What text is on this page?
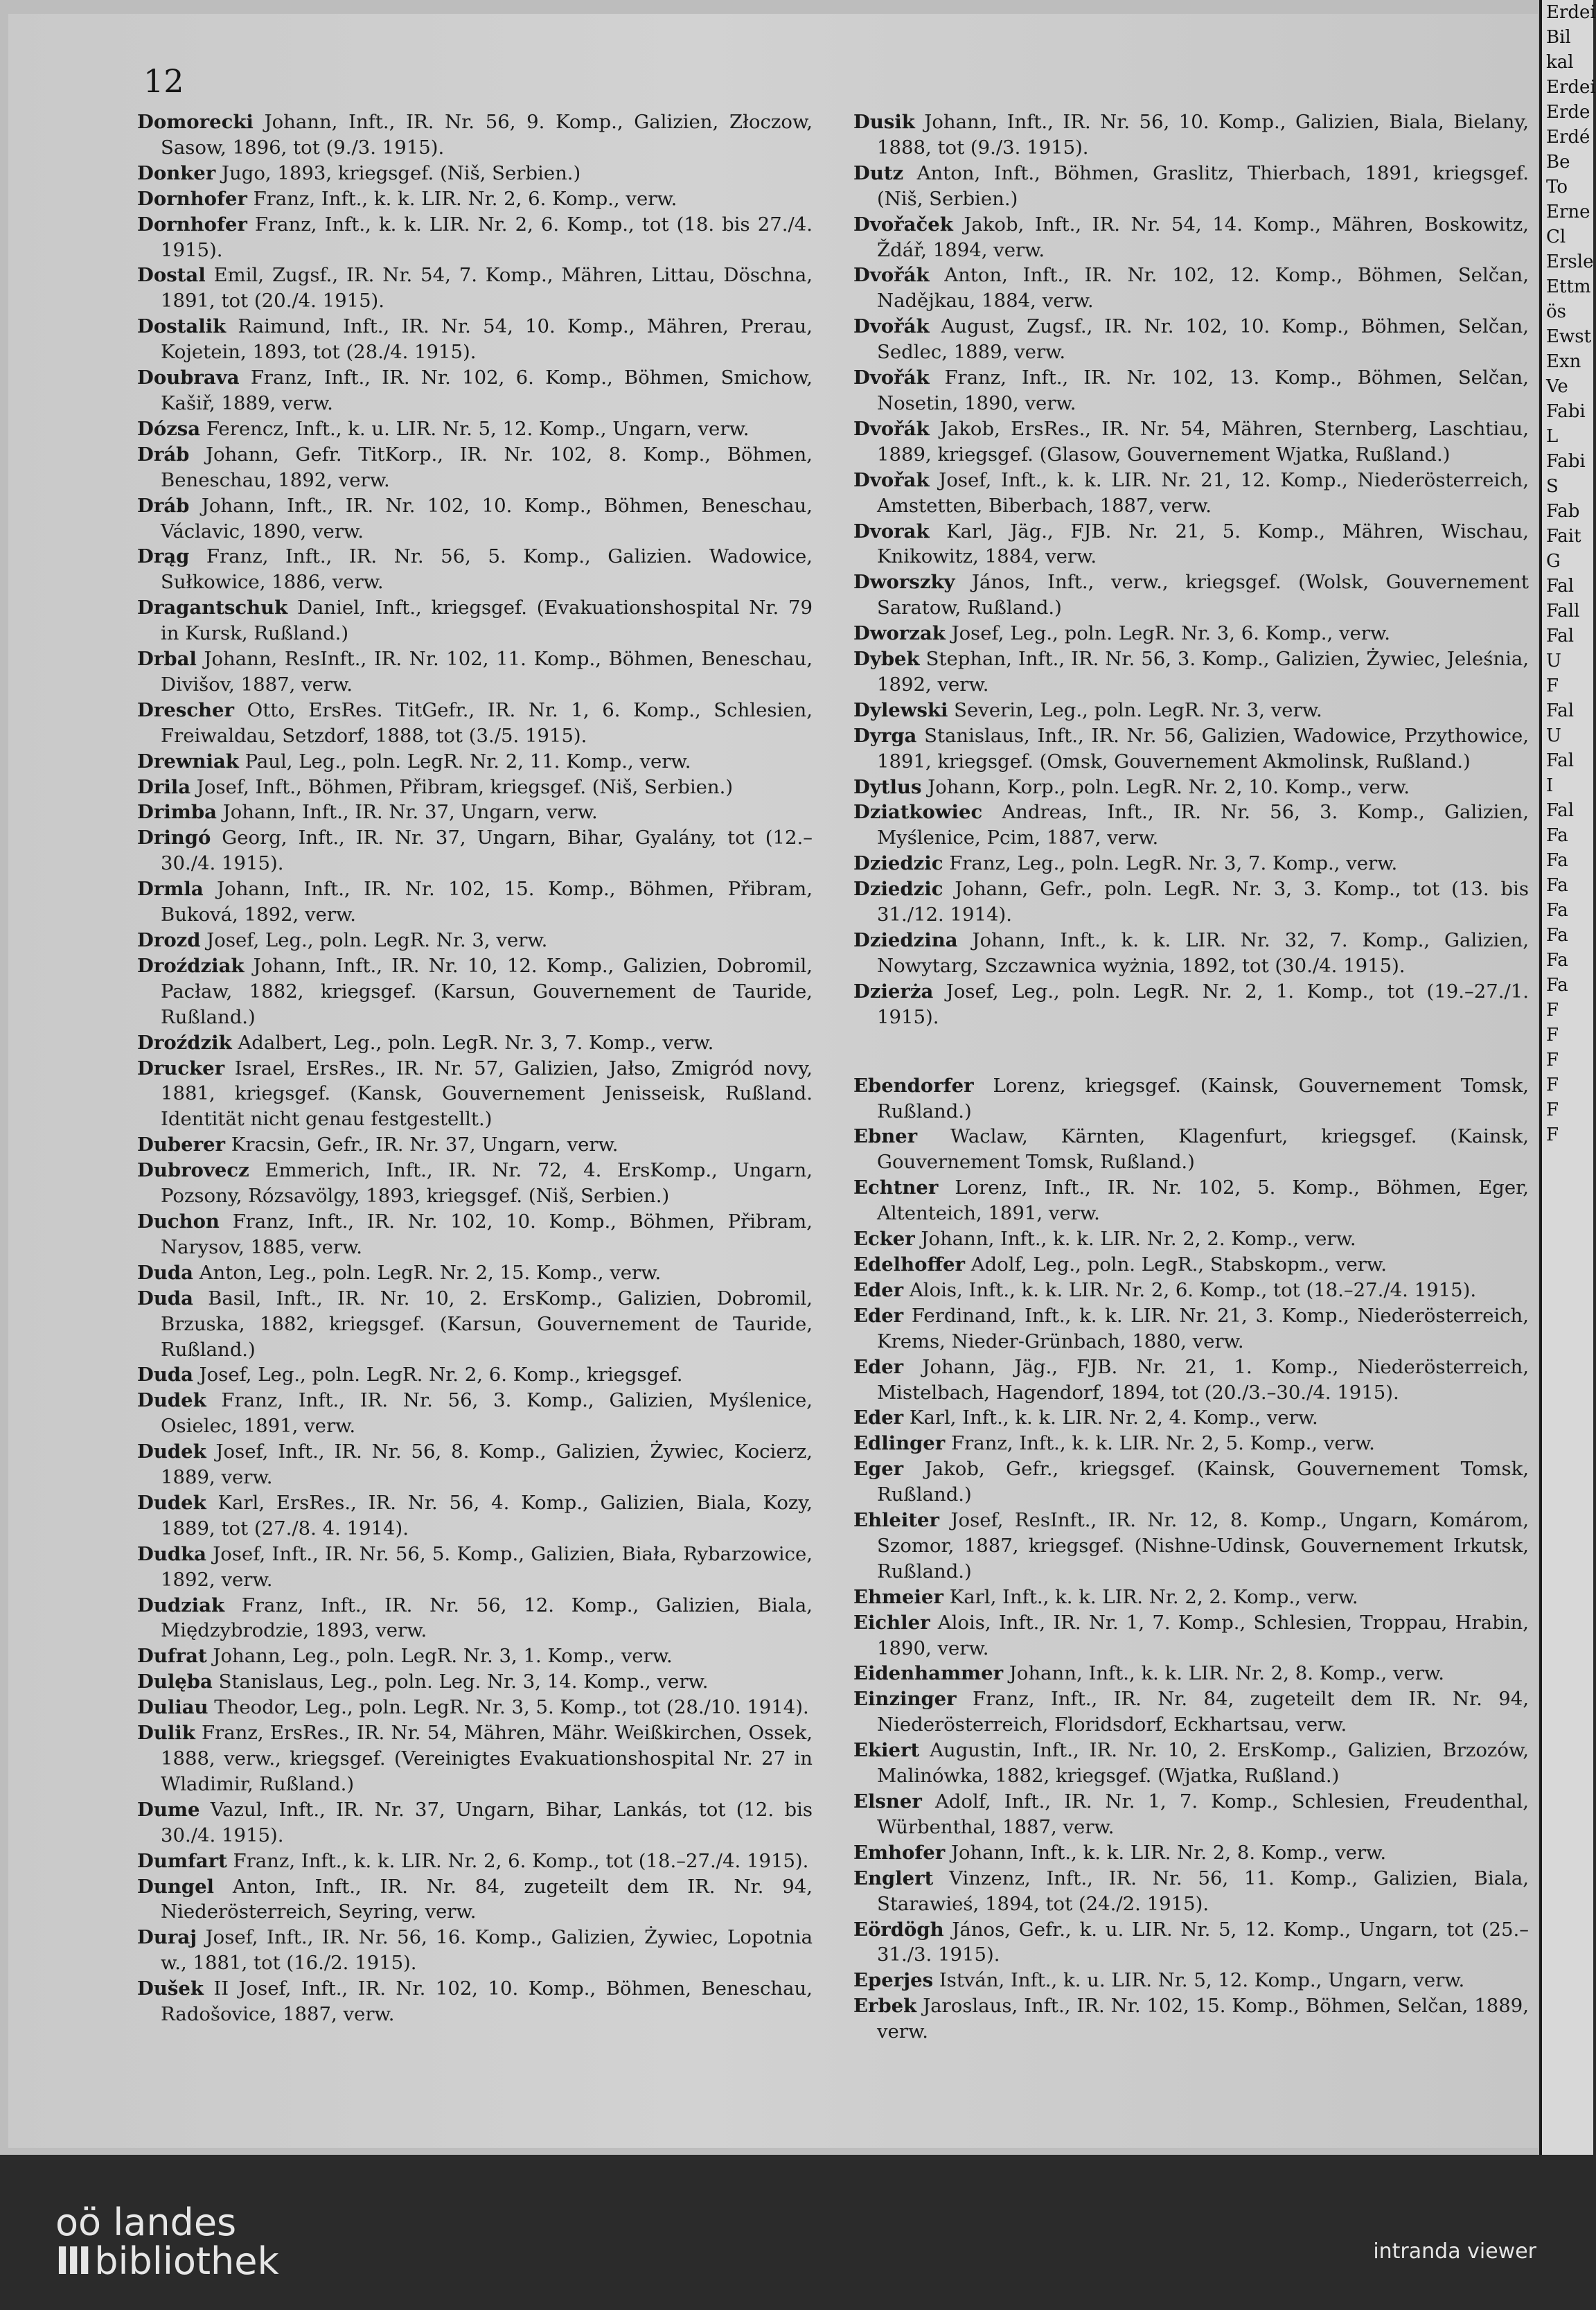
Erdei
Bil
kal
Erdei
Erde
Erdé
Be
To
Erne
Cl
Ersle
Ettm
ös
Ewst
Exn
Ve
Fabi
L
Fabi
S
Fab
Fait
G
Fal
Fall
Fal
U
F
Fal
U
Fal
I
Fal
Fa
Fa
Fa
Fa
Fa
Fa
Fa
F
F
F
F
F
F
12

Domorecki Johann, Inft., IR. Nr. 56, 9. Komp., Galizien, Złoczow, Sasow, 1896, tot (9./3. 1915).

Donker Jugo, 1893, kriegsgef. (Niš, Serbien.)

Dornhofer Franz, Inft., k. k. LIR. Nr. 2, 6. Komp., verw.

Dornhofer Franz, Inft., k. k. LIR. Nr. 2, 6. Komp., tot (18. bis 27./4. 1915).

Dostal Emil, Zugsf., IR. Nr. 54, 7. Komp., Mähren, Littau, Döschna, 1891, tot (20./4. 1915).

Dostalik Raimund, Inft., IR. Nr. 54, 10. Komp., Mähren, Prerau, Kojetein, 1893, tot (28./4. 1915).

Doubrava Franz, Inft., IR. Nr. 102, 6. Komp., Böhmen, Smichow, Kašiř, 1889, verw.

Dózsa Ferencz, Inft., k. u. LIR. Nr. 5, 12. Komp., Ungarn, verw.

Dráb Johann, Gefr. TitKorp., IR. Nr. 102, 8. Komp., Böhmen, Beneschau, 1892, verw.

Dráb Johann, Inft., IR. Nr. 102, 10. Komp., Böhmen, Beneschau, Václavic, 1890, verw.

Drąg Franz, Inft., IR. Nr. 56, 5. Komp., Galizien. Wadowice, Sułkowice, 1886, verw.

Dragantschuk Daniel, Inft., kriegsgef. (Evakuationshospital Nr. 79 in Kursk, Rußland.)

Drbal Johann, ResInft., IR. Nr. 102, 11. Komp., Böhmen, Beneschau, Divišov, 1887, verw.

Drescher Otto, ErsRes. TitGefr., IR. Nr. 1, 6. Komp., Schlesien, Freiwaldau, Setzdorf, 1888, tot (3./5. 1915).

Drewniak Paul, Leg., poln. LegR. Nr. 2, 11. Komp., verw.

Drila Josef, Inft., Böhmen, Přibram, kriegsgef. (Niš, Serbien.)

Drimba Johann, Inft., IR. Nr. 37, Ungarn, verw.

Dringó Georg, Inft., IR. Nr. 37, Ungarn, Bihar, Gyalány, tot (12.–30./4. 1915).

Drmla Johann, Inft., IR. Nr. 102, 15. Komp., Böhmen, Přibram, Buková, 1892, verw.

Drozd Josef, Leg., poln. LegR. Nr. 3, verw.

Droździak Johann, Inft., IR. Nr. 10, 12. Komp., Galizien, Dobromil, Pacław, 1882, kriegsgef. (Karsun, Gouvernement de Tauride, Rußland.)

Droździk Adalbert, Leg., poln. LegR. Nr. 3, 7. Komp., verw.

Drucker Israel, ErsRes., IR. Nr. 57, Galizien, Jałso, Zmigród novy, 1881, kriegsgef. (Kansk, Gouvernement Jenisseisk, Rußland. Identität nicht genau festgestellt.)

Duberer Kracsin, Gefr., IR. Nr. 37, Ungarn, verw.

Dubrovecz Emmerich, Inft., IR. Nr. 72, 4. ErsKomp., Ungarn, Pozsony, Rózsavölgy, 1893, kriegsgef. (Niš, Serbien.)

Duchon Franz, Inft., IR. Nr. 102, 10. Komp., Böhmen, Přibram, Narysov, 1885, verw.

Duda Anton, Leg., poln. LegR. Nr. 2, 15. Komp., verw.

Duda Basil, Inft., IR. Nr. 10, 2. ErsKomp., Galizien, Dobromil, Brzuska, 1882, kriegsgef. (Karsun, Gouvernement de Tauride, Rußland.)

Duda Josef, Leg., poln. LegR. Nr. 2, 6. Komp., kriegsgef.

Dudek Franz, Inft., IR. Nr. 56, 3. Komp., Galizien, Myślenice, Osielec, 1891, verw.

Dudek Josef, Inft., IR. Nr. 56, 8. Komp., Galizien, Żywiec, Kocierz, 1889, verw.

Dudek Karl, ErsRes., IR. Nr. 56, 4. Komp., Galizien, Biala, Kozy, 1889, tot (27./8. 4. 1914).

Dudka Josef, Inft., IR. Nr. 56, 5. Komp., Galizien, Biała, Rybarzowice, 1892, verw.

Dudziak Franz, Inft., IR. Nr. 56, 12. Komp., Galizien, Biala, Międzybrodzie, 1893, verw.

Dufrat Johann, Leg., poln. LegR. Nr. 3, 1. Komp., verw.

Dulęba Stanislaus, Leg., poln. Leg. Nr. 3, 14. Komp., verw.

Duliau Theodor, Leg., poln. LegR. Nr. 3, 5. Komp., tot (28./10. 1914).

Dulik Franz, ErsRes., IR. Nr. 54, Mähren, Mähr. Weißkirchen, Ossek, 1888, verw., kriegsgef. (Vereinigtes Evakuationshospital Nr. 27 in Wladimir, Rußland.)

Dume Vazul, Inft., IR. Nr. 37, Ungarn, Bihar, Lankás, tot (12. bis 30./4. 1915).

Dumfart Franz, Inft., k. k. LIR. Nr. 2, 6. Komp., tot (18.–27./4. 1915).

Dungel Anton, Inft., IR. Nr. 84, zugeteilt dem IR. Nr. 94, Niederösterreich, Seyring, verw.

Duraj Josef, Inft., IR. Nr. 56, 16. Komp., Galizien, Żywiec, Lopotnia w., 1881, tot (16./2. 1915).

Dušek II Josef, Inft., IR. Nr. 102, 10. Komp., Böhmen, Beneschau, Radošovice, 1887, verw.

Dusik Johann, Inft., IR. Nr. 56, 10. Komp., Galizien, Biala, Bielany, 1888, tot (9./3. 1915).

Dutz Anton, Inft., Böhmen, Graslitz, Thierbach, 1891, kriegsgef. (Niš, Serbien.)

Dvořaček Jakob, Inft., IR. Nr. 54, 14. Komp., Mähren, Boskowitz, Ždář, 1894, verw.

Dvořák Anton, Inft., IR. Nr. 102, 12. Komp., Böhmen, Selčan, Nadějkau, 1884, verw.

Dvořák August, Zugsf., IR. Nr. 102, 10. Komp., Böhmen, Selčan, Sedlec, 1889, verw.

Dvořák Franz, Inft., IR. Nr. 102, 13. Komp., Böhmen, Selčan, Nosetin, 1890, verw.

Dvořák Jakob, ErsRes., IR. Nr. 54, Mähren, Sternberg, Laschtiau, 1889, kriegsgef. (Glasow, Gouvernement Wjatka, Rußland.)

Dvořak Josef, Inft., k. k. LIR. Nr. 21, 12. Komp., Niederösterreich, Amstetten, Biberbach, 1887, verw.

Dvorak Karl, Jäg., FJB. Nr. 21, 5. Komp., Mähren, Wischau, Knikowitz, 1884, verw.

Dworszky János, Inft., verw., kriegsgef. (Wolsk, Gouvernement Saratow, Rußland.)

Dworzak Josef, Leg., poln. LegR. Nr. 3, 6. Komp., verw.

Dybek Stephan, Inft., IR. Nr. 56, 3. Komp., Galizien, Żywiec, Jeleśnia, 1892, verw.

Dylewski Severin, Leg., poln. LegR. Nr. 3, verw.

Dyrga Stanislaus, Inft., IR. Nr. 56, Galizien, Wadowice, Przythowice, 1891, kriegsgef. (Omsk, Gouvernement Akmolinsk, Rußland.)

Dytlus Johann, Korp., poln. LegR. Nr. 2, 10. Komp., verw.

Dziatkowiec Andreas, Inft., IR. Nr. 56, 3. Komp., Galizien, Myślenice, Pcim, 1887, verw.

Dziedzic Franz, Leg., poln. LegR. Nr. 3, 7. Komp., verw.

Dziedzic Johann, Gefr., poln. LegR. Nr. 3, 3. Komp., tot (13. bis 31./12. 1914).

Dziedzina Johann, Inft., k. k. LIR. Nr. 32, 7. Komp., Galizien, Nowytarg, Szczawnica wyżnia, 1892, tot (30./4. 1915).

Dzierża Josef, Leg., poln. LegR. Nr. 2, 1. Komp., tot (19.–27./1. 1915).

Ebendorfer Lorenz, kriegsgef. (Kainsk, Gouvernement Tomsk, Rußland.)

Ebner Waclaw, Kärnten, Klagenfurt, kriegsgef. (Kainsk, Gouvernement Tomsk, Rußland.)

Echtner Lorenz, Inft., IR. Nr. 102, 5. Komp., Böhmen, Eger, Altenteich, 1891, verw.

Ecker Johann, Inft., k. k. LIR. Nr. 2, 2. Komp., verw.

Edelhoffer Adolf, Leg., poln. LegR., Stabskopm., verw.

Eder Alois, Inft., k. k. LIR. Nr. 2, 6. Komp., tot (18.–27./4. 1915).

Eder Ferdinand, Inft., k. k. LIR. Nr. 21, 3. Komp., Niederösterreich, Krems, Nieder-Grünbach, 1880, verw.

Eder Johann, Jäg., FJB. Nr. 21, 1. Komp., Niederösterreich, Mistelbach, Hagendorf, 1894, tot (20./3.–30./4. 1915).

Eder Karl, Inft., k. k. LIR. Nr. 2, 4. Komp., verw.

Edlinger Franz, Inft., k. k. LIR. Nr. 2, 5. Komp., verw.

Eger Jakob, Gefr., kriegsgef. (Kainsk, Gouvernement Tomsk, Rußland.)

Ehleiter Josef, ResInft., IR. Nr. 12, 8. Komp., Ungarn, Komárom, Szomor, 1887, kriegsgef. (Nishne-Udinsk, Gouvernement Irkutsk, Rußland.)

Ehmeier Karl, Inft., k. k. LIR. Nr. 2, 2. Komp., verw.

Eichler Alois, Inft., IR. Nr. 1, 7. Komp., Schlesien, Troppau, Hrabin, 1890, verw.

Eidenhammer Johann, Inft., k. k. LIR. Nr. 2, 8. Komp., verw.

Einzinger Franz, Inft., IR. Nr. 84, zugeteilt dem IR. Nr. 94, Niederösterreich, Floridsdorf, Eckhartsau, verw.

Ekiert Augustin, Inft., IR. Nr. 10, 2. ErsKomp., Galizien, Brzozów, Malinówka, 1882, kriegsgef. (Wjatka, Rußland.)

Elsner Adolf, Inft., IR. Nr. 1, 7. Komp., Schlesien, Freudenthal, Würbenthal, 1887, verw.

Emhofer Johann, Inft., k. k. LIR. Nr. 2, 8. Komp., verw.

Englert Vinzenz, Inft., IR. Nr. 56, 11. Komp., Galizien, Biala, Starawieś, 1894, tot (24./2. 1915).

Eördögh János, Gefr., k. u. LIR. Nr. 5, 12. Komp., Ungarn, tot (25.–31./3. 1915).

Eperjes István, Inft., k. u. LIR. Nr. 5, 12. Komp., Ungarn, verw.

Erbek Jaroslaus, Inft., IR. Nr. 102, 15. Komp., Böhmen, Selčan, 1889, verw.

oö landes
III bibliothek	intranda viewer
